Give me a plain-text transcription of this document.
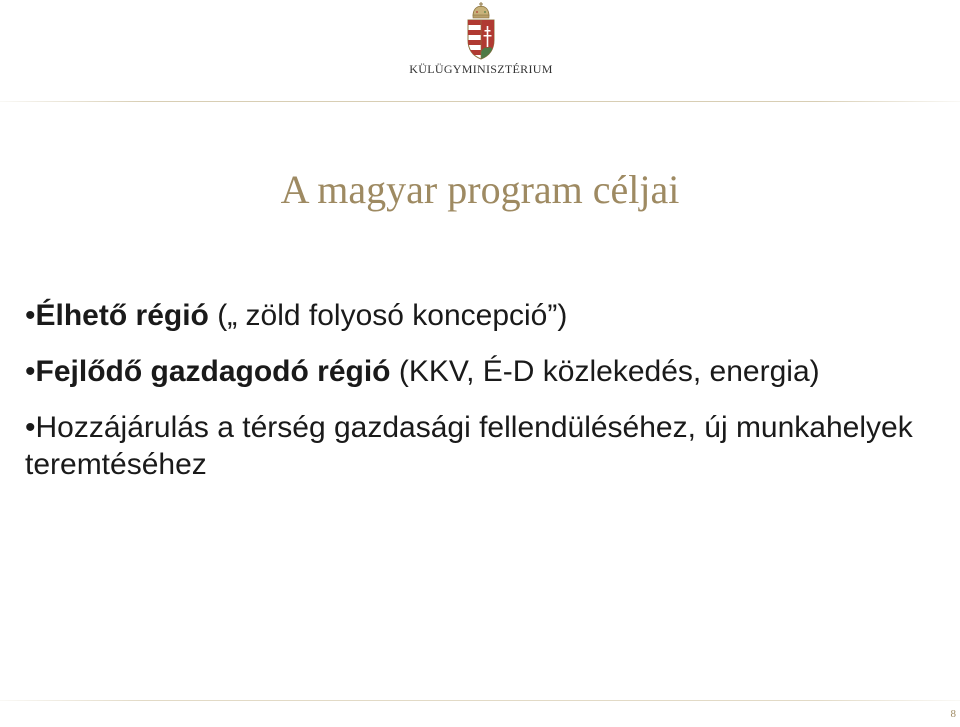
KÜLÜGYMINISZTÉRIUM
A magyar program céljai
•Élhető régió („ zöld folyosó koncepció”)
•Fejlődő gazdagodó régió (KKV, É-D közlekedés, energia)
•Hozzájárulás a térség gazdasági fellendüléséhez, új munkahelyek teremtéséhez
8
